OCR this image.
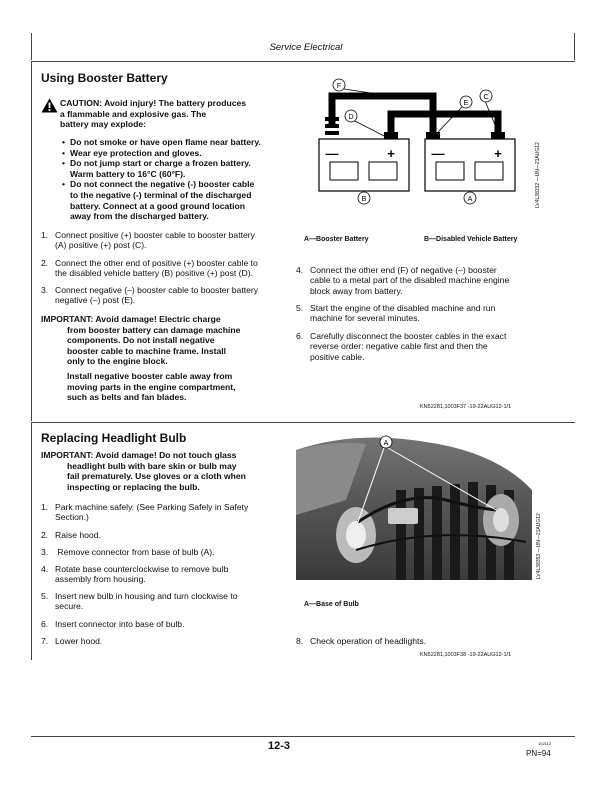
Service Electrical
Using Booster Battery
CAUTION: Avoid injury! The battery produces
a flammable and explosive gas. The
battery may explode:
• Do not smoke or have open flame near battery.
• Wear eye protection and gloves.
• Do not jump start or charge a frozen battery.
Warm battery to 16°C (60°F).
• Do not connect the negative (-) booster cable
to the negative (-) terminal of the discharged
battery. Connect at a good ground location
away from the discharged battery.
1. Connect positive (+) booster cable to booster battery
(A) positive (+) post (C).
2. Connect the other end of positive (+) booster cable to
the disabled vehicle battery (B) positive (+) post (D).
3. Connect negative (–) booster cable to booster battery
negative (–) post (E).
IMPORTANT: Avoid damage! Electric charge
from booster battery can damage machine
components. Do not install negative
booster cable to machine frame. Install
only to the engine block.
Install negative booster cable away from
moving parts in the engine compartment,
such as belts and fan blades.
—	+	—	+
F
D
E
C
B	A	LV4L38332 —UN—21AUG12
A—Booster Battery	B—Disabled Vehicle Battery
4. Connect the other end (F) of negative (–) booster
cable to a metal part of the disabled machine engine
block away from battery.
5. Start the engine of the disabled machine and run
machine for several minutes.
6. Carefully disconnect the booster cables in the exact
reverse order: negative cable first and then the
positive cable.
KN52281,1003F37 -19-22AUG12-1/1
Replacing Headlight Bulb
IMPORTANT: Avoid damage! Do not touch glass
headlight bulb with bare skin or bulb may
fail prematurely. Use gloves or a cloth when
inspecting or replacing the bulb.
1. Park machine safely. (See Parking Safely in Safety
Section.)
2. Raise hood.
3. Remove connector from base of bulb (A).
4. Rotate base counterclockwise to remove bulb
assembly from housing.
5. Insert new bulb in housing and turn clockwise to
secure.
6. Insert connector into base of bulb.
7. Lower hood.
A
LV4L38353 —UN—21AUG12
A—Base of Bulb
8. Check operation of headlights.
KN52281,1003F38 -19-22AUG12-1/1
12-3	102112
PN=94
